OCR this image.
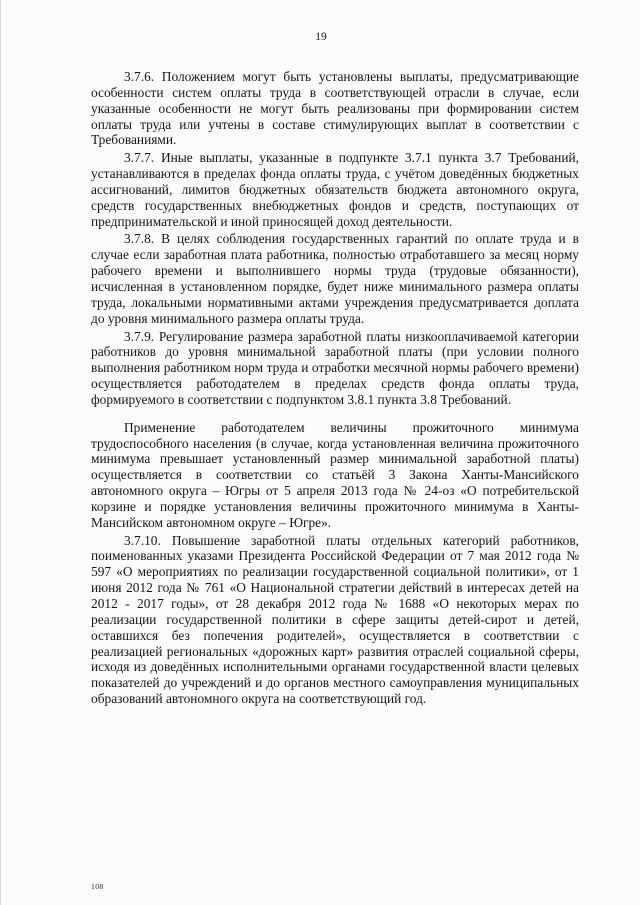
19

3.7.6. Положением могут быть установлены выплаты, предусматривающие особенности систем оплаты труда в соответствующей отрасли в случае, если указанные особенности не могут быть реализованы при формировании систем оплаты труда или учтены в составе стимулирующих выплат в соответствии с Требованиями.

3.7.7. Иные выплаты, указанные в подпункте 3.7.1 пункта 3.7 Требований, устанавливаются в пределах фонда оплаты труда, с учётом доведённых бюджетных ассигнований, лимитов бюджетных обязательств бюджета автономного округа, средств государственных внебюджетных фондов и средств, поступающих от предпринимательской и иной приносящей доход деятельности.

3.7.8. В целях соблюдения государственных гарантий по оплате труда и в случае если заработная плата работника, полностью отработавшего за месяц норму рабочего времени и выполнившего нормы труда (трудовые обязанности), исчисленная в установленном порядке, будет ниже минимального размера оплаты труда, локальными нормативными актами учреждения предусматривается доплата до уровня минимального размера оплаты труда.

3.7.9. Регулирование размера заработной платы низкооплачиваемой категории работников до уровня минимальной заработной платы (при условии полного выполнения работником норм труда и отработки месячной нормы рабочего времени) осуществляется работодателем в пределах средств фонда оплаты труда, формируемого в соответствии с подпунктом 3.8.1 пункта 3.8 Требований.

Применение работодателем величины прожиточного минимума трудоспособного населения (в случае, когда установленная величина прожиточного минимума превышает установленный размер минимальной заработной платы) осуществляется в соответствии со статьёй 3 Закона Ханты-Мансийского автономного округа – Югры от 5 апреля 2013 года № 24-оз «О потребительской корзине и порядке установления величины прожиточного минимума в Ханты-Мансийском автономном округе – Югре».

3.7.10. Повышение заработной платы отдельных категорий работников, поименованных указами Президента Российской Федерации от 7 мая 2012 года № 597 «О мероприятиях по реализации государственной социальной политики», от 1 июня 2012 года № 761 «О Национальной стратегии действий в интересах детей на 2012 - 2017 годы», от 28 декабря 2012 года № 1688 «О некоторых мерах по реализации государственной политики в сфере защиты детей-сирот и детей, оставшихся без попечения родителей», осуществляется в соответствии с реализацией региональных «дорожных карт» развития отраслей социальной сферы, исходя из доведённых исполнительными органами государственной власти целевых показателей до учреждений и до органов местного самоуправления муниципальных образований автономного округа на соответствующий год.

108
